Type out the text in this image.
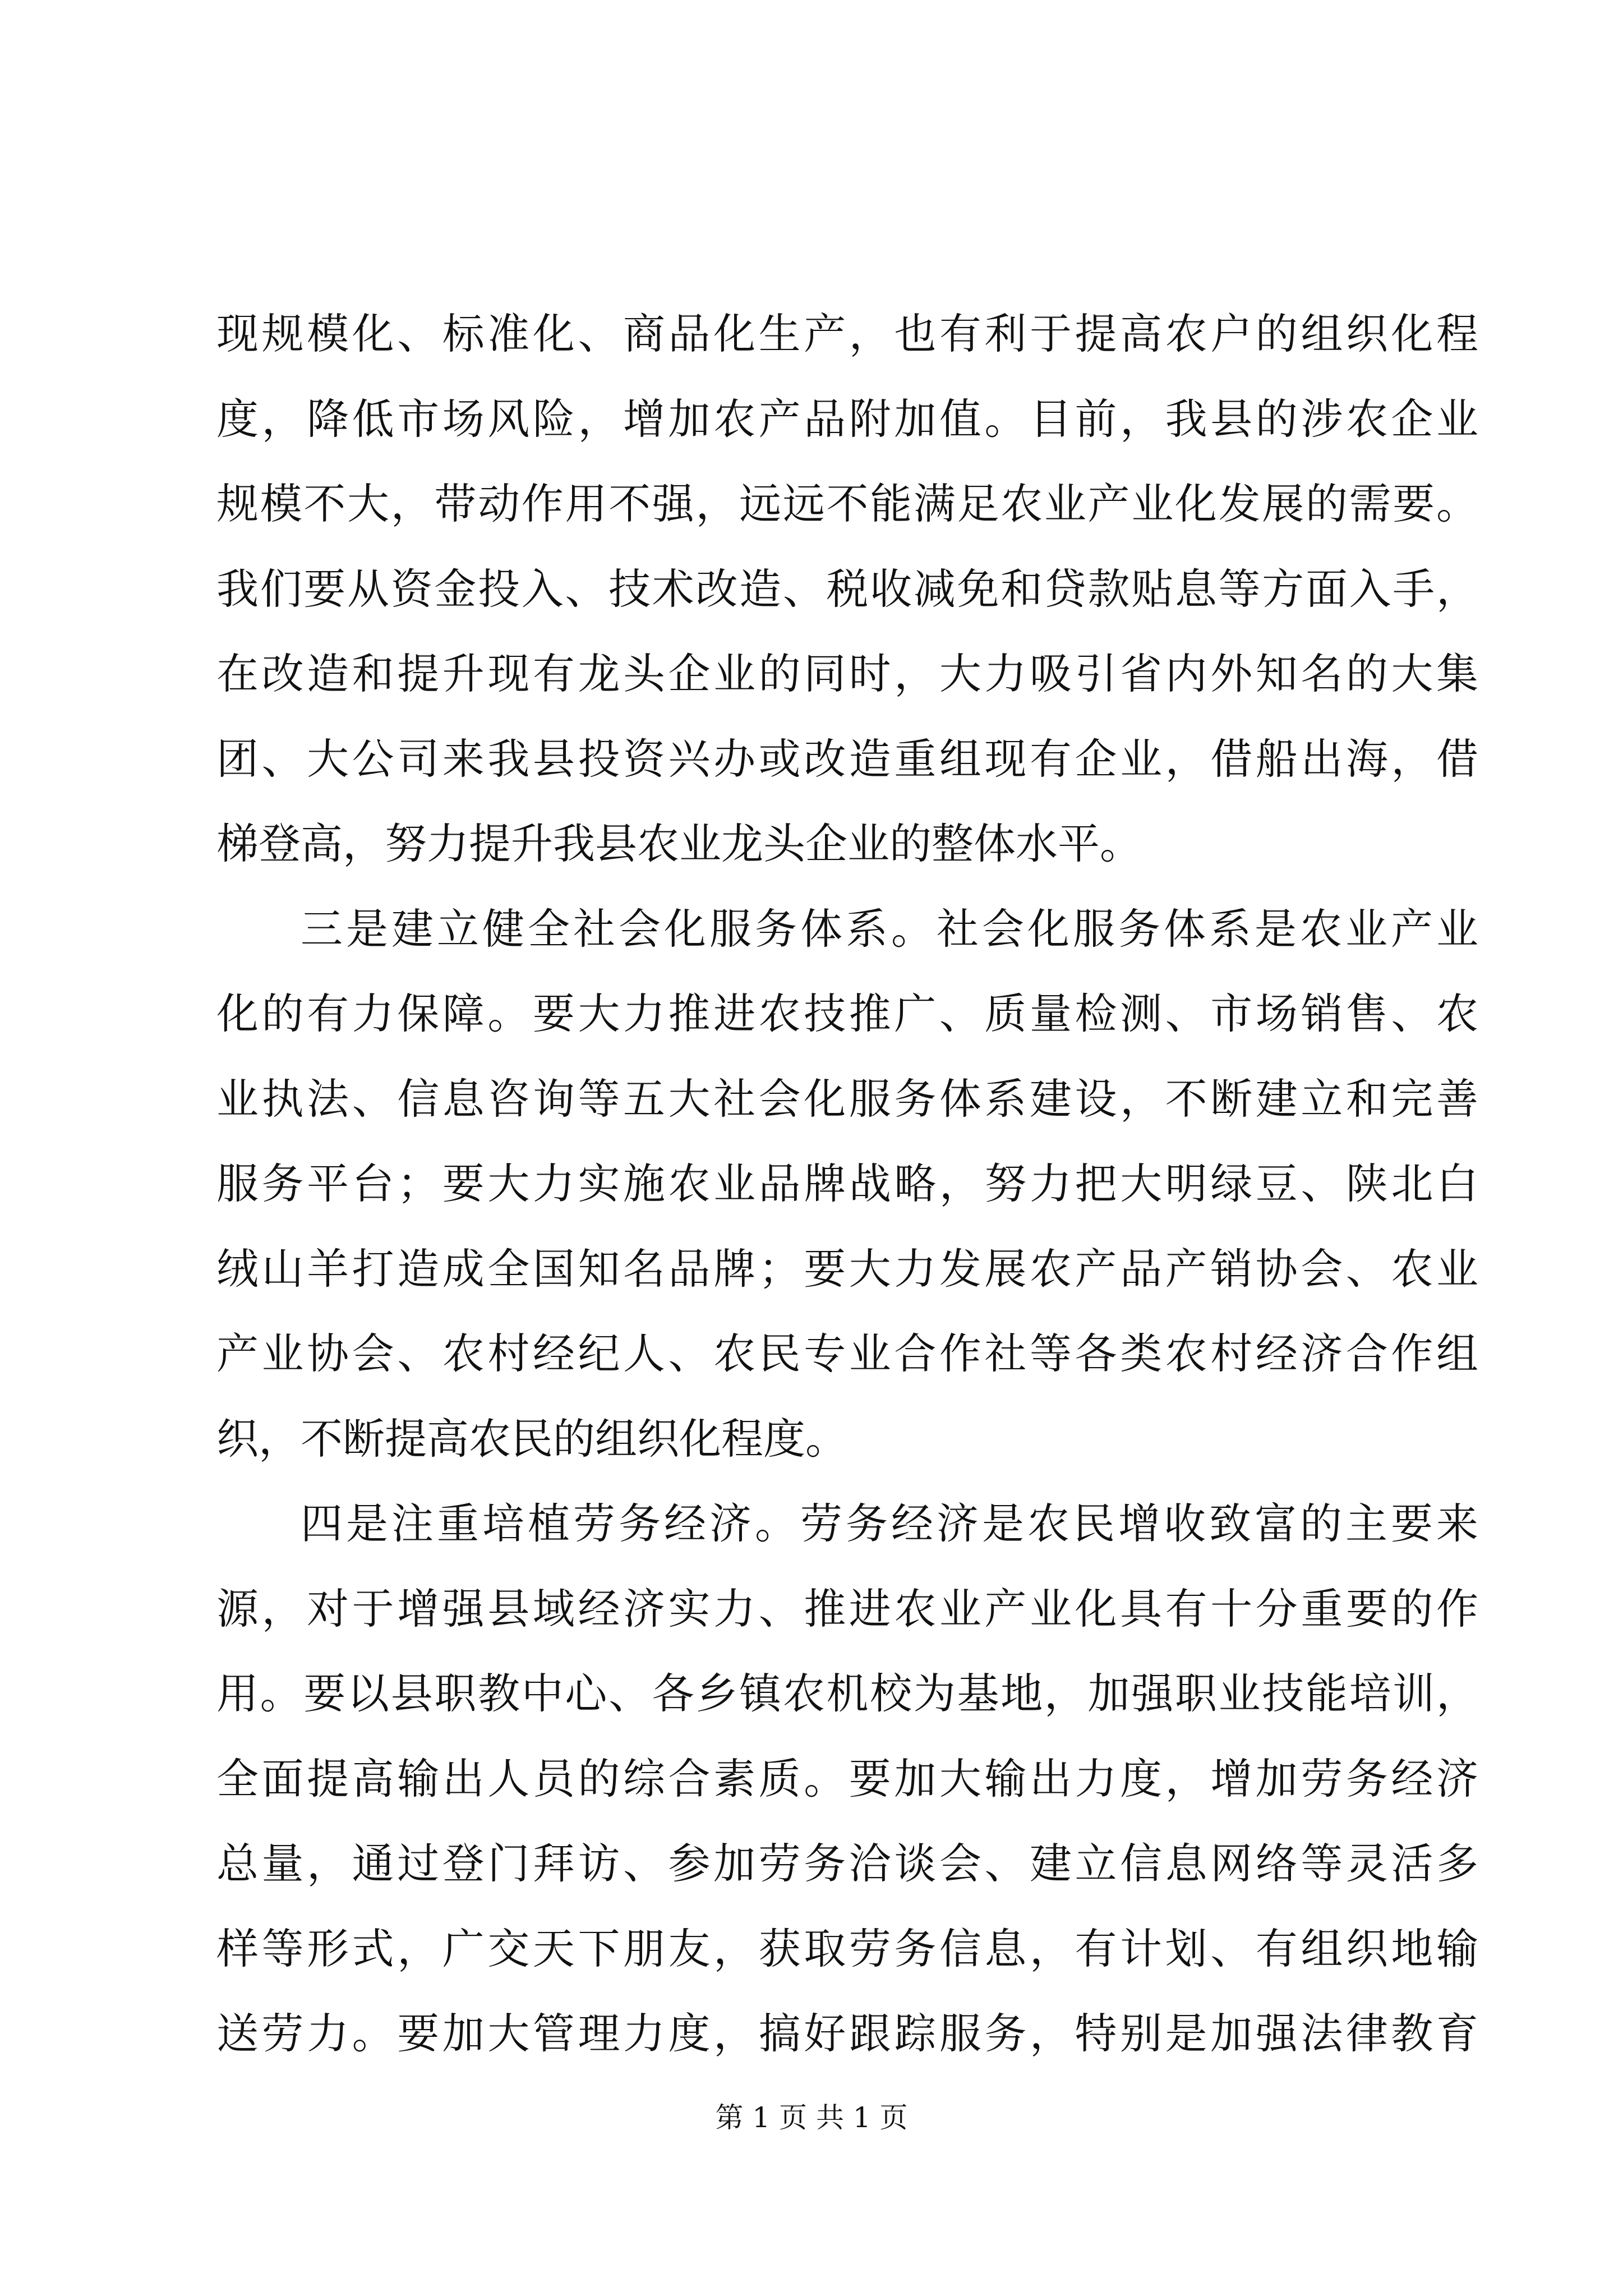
现规模化、标准化、商品化生产，也有利于提高农户的组织化程
度，降低市场风险，增加农产品附加值。目前，我县的涉农企业
规模不大，带动作用不强，远远不能满足农业产业化发展的需要。
我们要从资金投入、技术改造、税收减免和贷款贴息等方面入手，
在改造和提升现有龙头企业的同时，大力吸引省内外知名的大集
团、大公司来我县投资兴办或改造重组现有企业，借船出海，借
梯登高，努力提升我县农业龙头企业的整体水平。
三是建立健全社会化服务体系。社会化服务体系是农业产业
化的有力保障。要大力推进农技推广、质量检测、市场销售、农
业执法、信息咨询等五大社会化服务体系建设，不断建立和完善
服务平台；要大力实施农业品牌战略，努力把大明绿豆、陕北白
绒山羊打造成全国知名品牌；要大力发展农产品产销协会、农业
产业协会、农村经纪人、农民专业合作社等各类农村经济合作组
织，不断提高农民的组织化程度。
四是注重培植劳务经济。劳务经济是农民增收致富的主要来
源，对于增强县域经济实力、推进农业产业化具有十分重要的作
用。要以县职教中心、各乡镇农机校为基地，加强职业技能培训，
全面提高输出人员的综合素质。要加大输出力度，增加劳务经济
总量，通过登门拜访、参加劳务洽谈会、建立信息网络等灵活多
样等形式，广交天下朋友，获取劳务信息，有计划、有组织地输
送劳力。要加大管理力度，搞好跟踪服务，特别是加强法律教育
第 1 页 共 1 页
